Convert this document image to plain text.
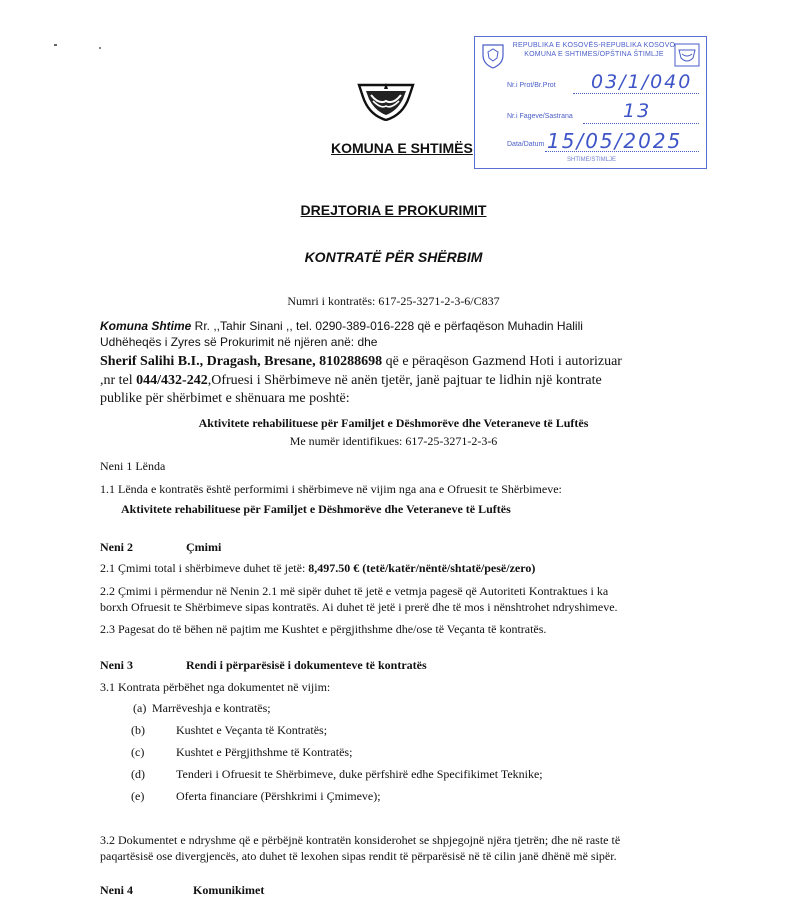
REPUBLIKA E KOSOVËS-REPUBLIKA KOSOVO
KOMUNA E SHTIMES/OPŠTINA ŠTIMLJE
Nr.i Prot/Br.Prot 03/1/040
Nr.i Fageve/Sastrana	13
Data/Datum 15/05/2025
SHTIME/ŠTIMLJE
KOMUNA E SHTIMËS
DREJTORIA E PROKURIMIT
KONTRATË PËR SHËRBIM
Numri i kontratës: 617-25-3271-2-3-6/C837
Komuna Shtime Rr. ,,Tahir Sinani ,, tel. 0290-389-016-228 që e përfaqëson Muhadin Halili
Udhëheqës i Zyres së Prokurimit në njëren anë: dhe
Sherif Salihi B.I., Dragash, Bresane, 810288698 që e përaqëson Gazmend Hoti i autorizuar
,nr tel 044/432-242,Ofruesi i Shërbimeve në anën tjetër, janë pajtuar te lidhin një kontrate
publike për shërbimet e shënuara me poshtë:
Aktivitete rehabilituese për Familjet e Dëshmorëve dhe Veteraneve të Luftës
Me numër identifikues: 617-25-3271-2-3-6
Neni 1 Lënda
1.1 Lënda e kontratës është performimi i shërbimeve në vijim nga ana e Ofruesit te Shërbimeve:
Aktivitete rehabilituese për Familjet e Dëshmorëve dhe Veteraneve të Luftës
Neni 2	Çmimi
2.1 Çmimi total i shërbimeve duhet të jetë: 8,497.50 € (tetë/katër/nëntë/shtatë/pesë/zero)
2.2 Çmimi i përmendur në Nenin 2.1 më sipër duhet të jetë e vetmja pagesë që Autoriteti Kontraktues i ka
borxh Ofruesit te Shërbimeve sipas kontratës. Ai duhet të jetë i prerë dhe të mos i nënshtrohet ndryshimeve.
2.3 Pagesat do të bëhen në pajtim me Kushtet e përgjithshme dhe/ose të Veçanta të kontratës.
Neni 3	Rendi i përparësisë i dokumenteve të kontratës
3.1 Kontrata përbëhet nga dokumentet në vijim:
(a) Marrëveshja e kontratës;
(b)	Kushtet e Veçanta të Kontratës;
(c)	Kushtet e Përgjithshme të Kontratës;
(d)	Tenderi i Ofruesit te Shërbimeve, duke përfshirë edhe Specifikimet Teknike;
(e)	Oferta financiare (Përshkrimi i Çmimeve);
3.2 Dokumentet e ndryshme që e përbëjnë kontratën konsiderohet se shpjegojnë njëra tjetrën; dhe në raste të
paqartësisë ose divergjencës, ato duhet të lexohen sipas rendit të përparësisë në të cilin janë dhënë më sipër.
Neni 4	Komunikimet
